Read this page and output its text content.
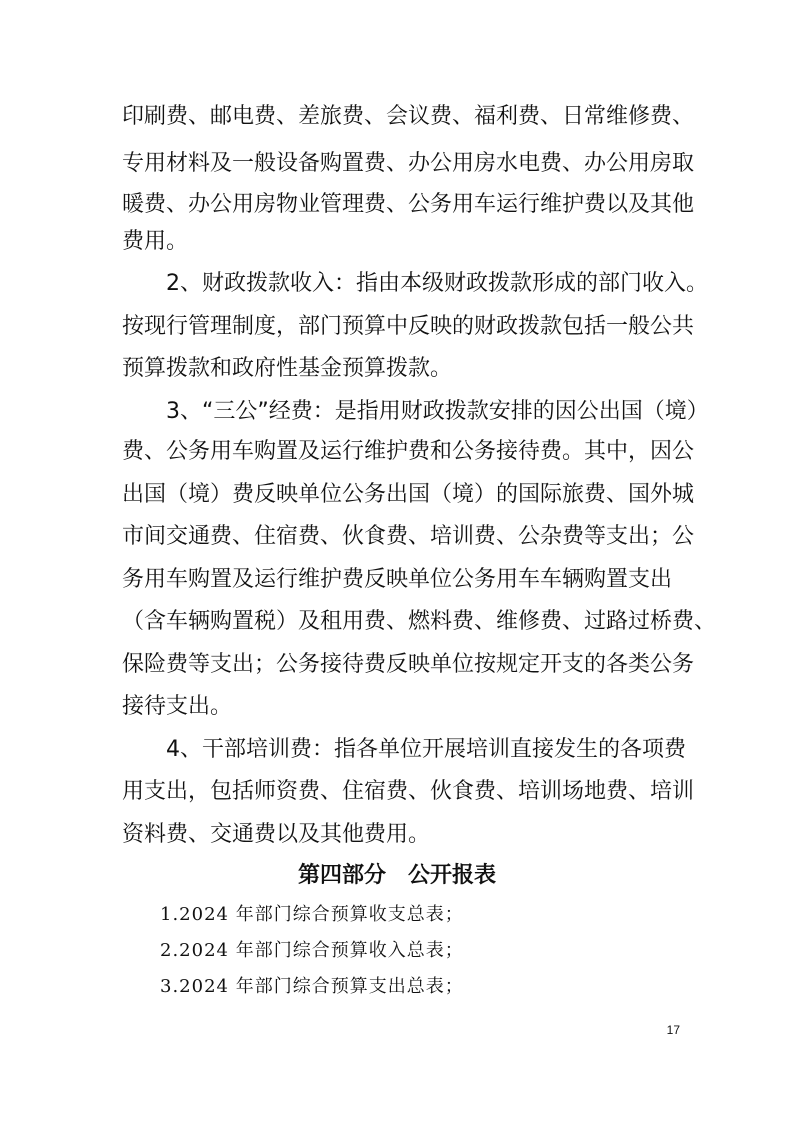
印刷费、邮电费、差旅费、会议费、福利费、日常维修费、
专用材料及一般设备购置费、办公用房水电费、办公用房取
暖费、办公用房物业管理费、公务用车运行维护费以及其他
费用。
2、财政拨款收入：指由本级财政拨款形成的部门收入。
按现行管理制度，部门预算中反映的财政拨款包括一般公共
预算拨款和政府性基金预算拨款。
3、“三公”经费：是指用财政拨款安排的因公出国（境）
费、公务用车购置及运行维护费和公务接待费。其中，因公
出国（境）费反映单位公务出国（境）的国际旅费、国外城
市间交通费、住宿费、伙食费、培训费、公杂费等支出；公
务用车购置及运行维护费反映单位公务用车车辆购置支出
（含车辆购置税）及租用费、燃料费、维修费、过路过桥费、
保险费等支出；公务接待费反映单位按规定开支的各类公务
接待支出。
4、干部培训费：指各单位开展培训直接发生的各项费
用支出，包括师资费、住宿费、伙食费、培训场地费、培训
资料费、交通费以及其他费用。
第四部分　公开报表
1.2024 年部门综合预算收支总表；
2.2024 年部门综合预算收入总表；
3.2024 年部门综合预算支出总表；
17
